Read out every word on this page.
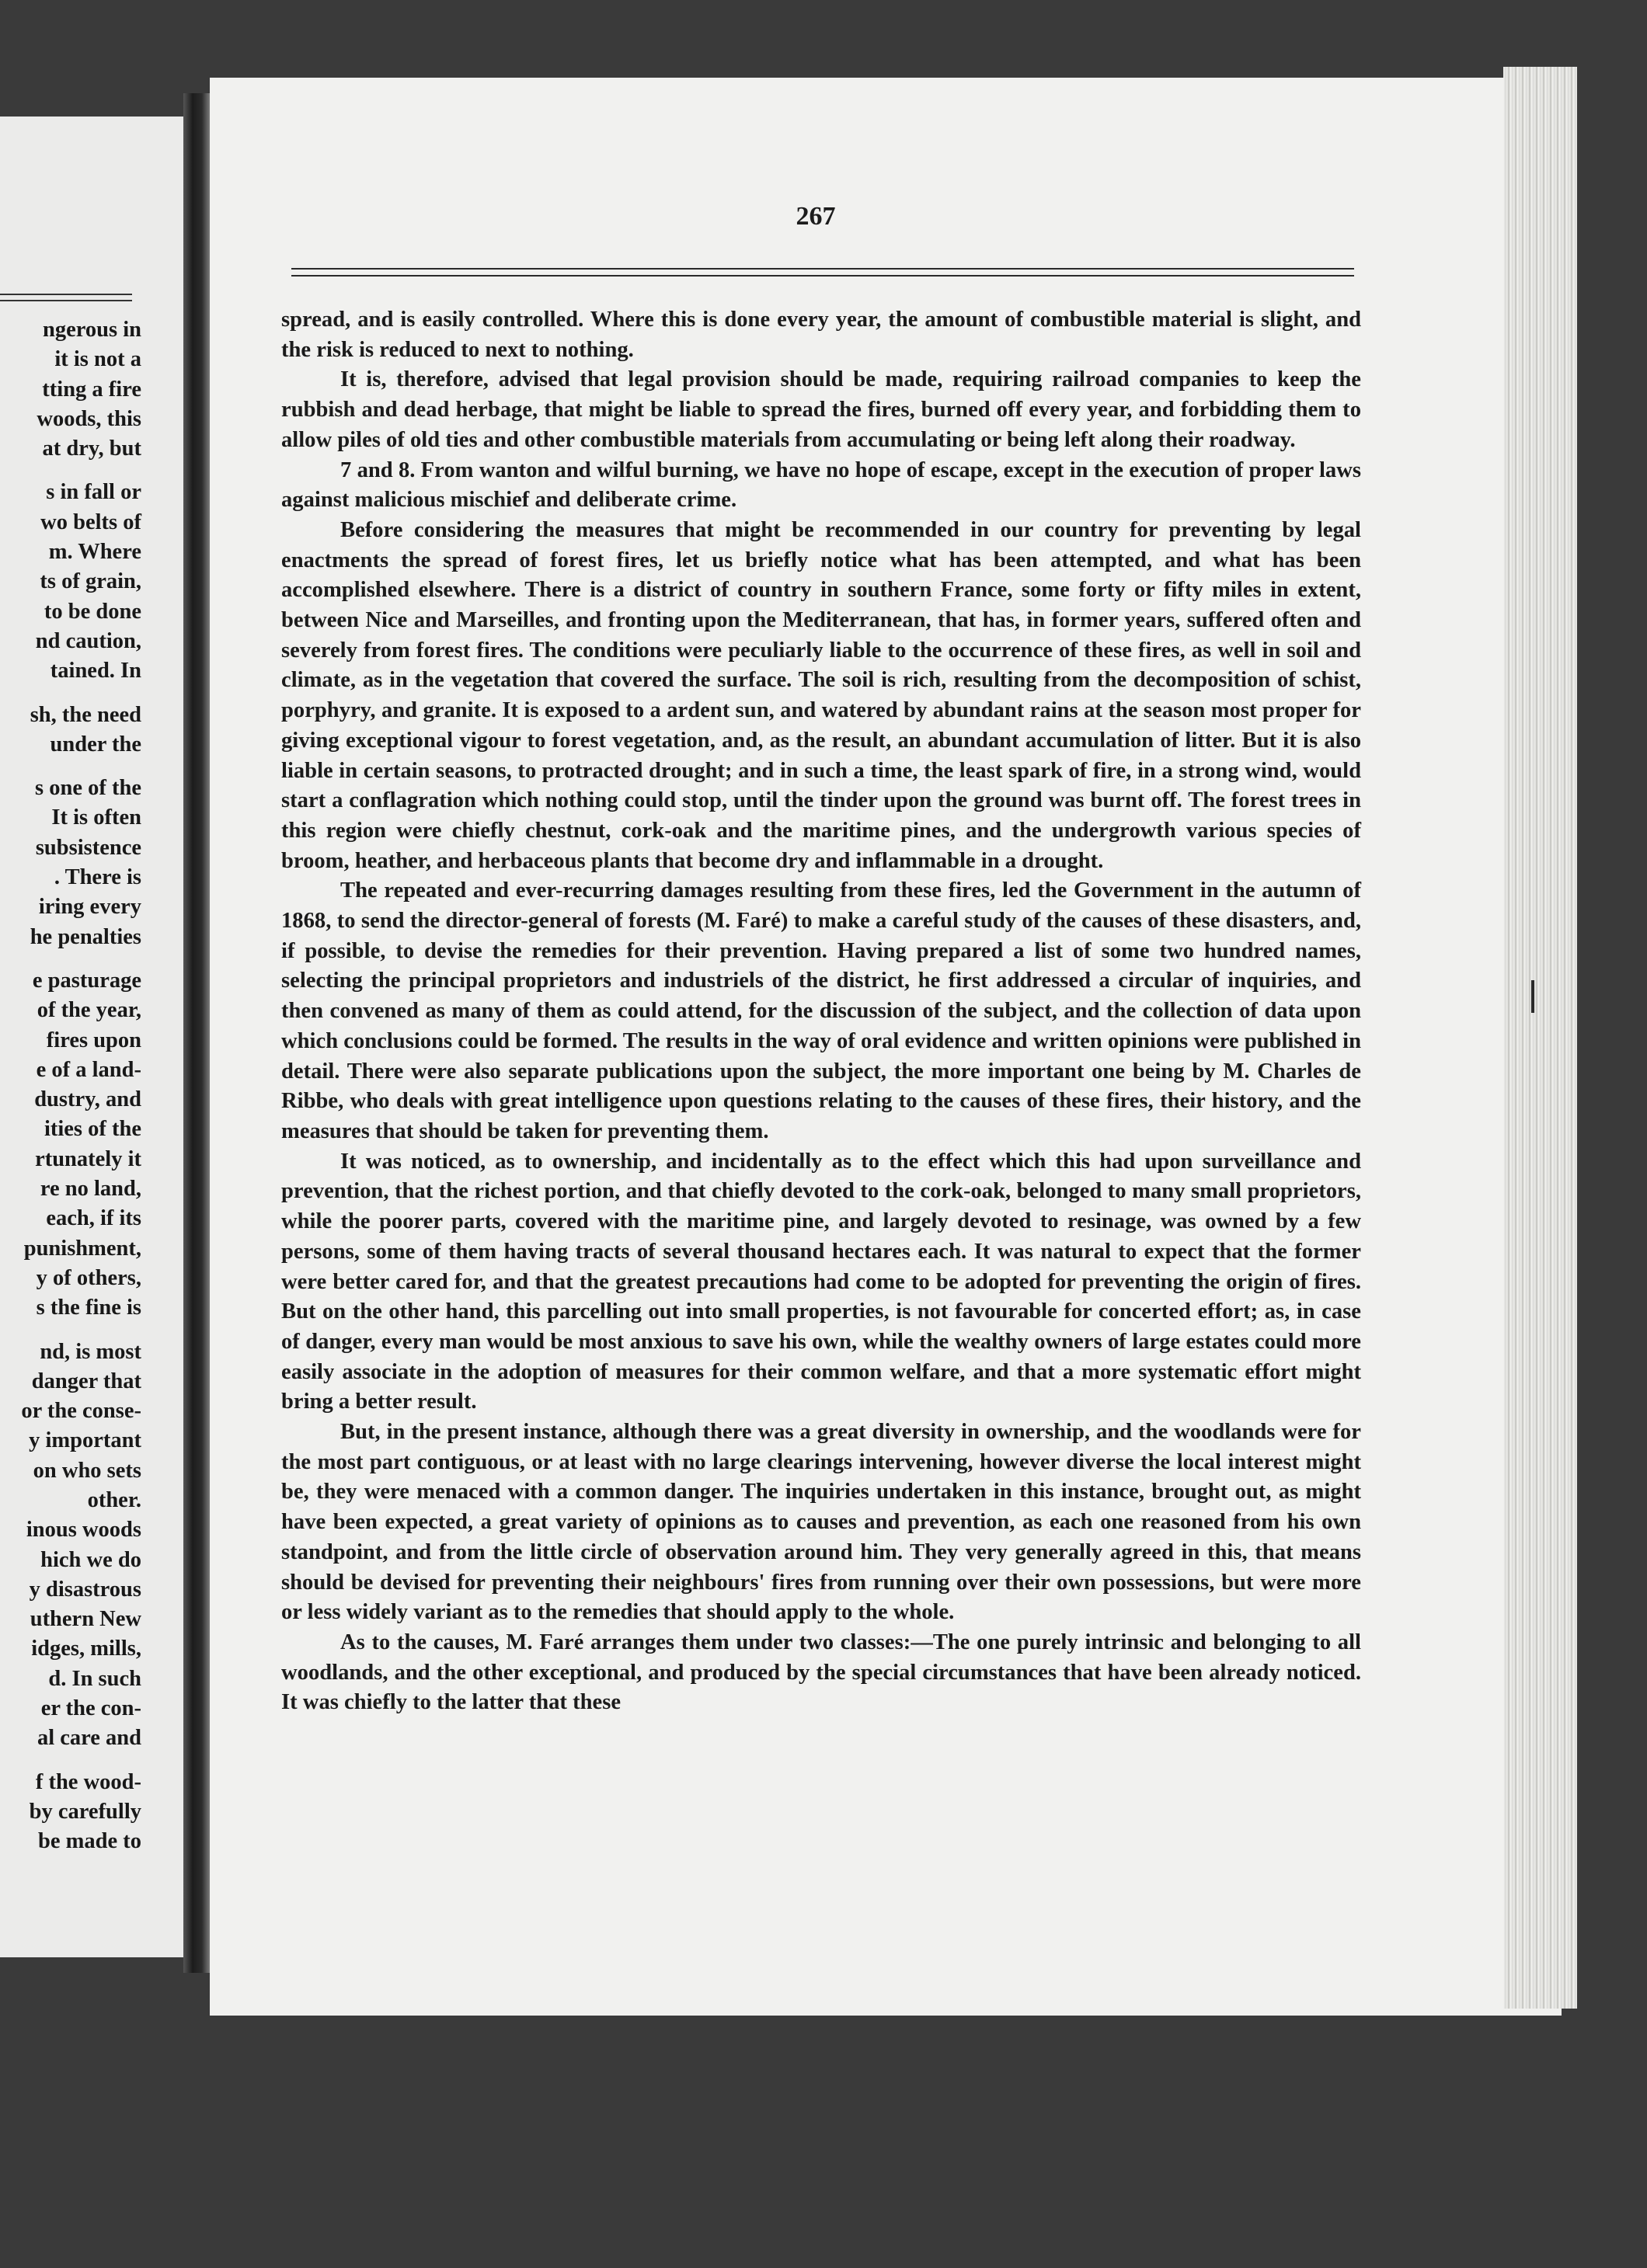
ngerous in
it is not a
tting a fire
woods, this
at dry, but
s in fall or
wo belts of
m. Where
ts of grain,
to be done
nd caution,
tained. In
sh, the need
under the
s one of the
It is often
subsistence
. There is
iring every
he penalties
e pasturage
of the year,
fires upon
e of a land-
dustry, and
ities of the
rtunately it
re no land,
each, if its
punishment,
y of others,
s the fine is
nd, is most
danger that
or the conse-
y important
on who sets
other.
inous woods
hich we do
y disastrous
uthern New
idges, mills,
d. In such
er the con-
al care and
f the wood-
by carefully
be made to
267

spread, and is easily controlled. Where this is done every year, the amount of combustible material is slight, and the risk is reduced to next to nothing.

It is, therefore, advised that legal provision should be made, requiring railroad companies to keep the rubbish and dead herbage, that might be liable to spread the fires, burned off every year, and forbidding them to allow piles of old ties and other combustible materials from accumulating or being left along their roadway.

7 and 8. From wanton and wilful burning, we have no hope of escape, except in the execution of proper laws against malicious mischief and deliberate crime.

Before considering the measures that might be recommended in our country for preventing by legal enactments the spread of forest fires, let us briefly notice what has been attempted, and what has been accomplished elsewhere. There is a district of country in southern France, some forty or fifty miles in extent, between Nice and Marseilles, and fronting upon the Mediterranean, that has, in former years, suffered often and severely from forest fires. The conditions were peculiarly liable to the occurrence of these fires, as well in soil and climate, as in the vegetation that covered the surface. The soil is rich, resulting from the decomposition of schist, porphyry, and granite. It is exposed to a ardent sun, and watered by abundant rains at the season most proper for giving exceptional vigour to forest vegetation, and, as the result, an abundant accumulation of litter. But it is also liable in certain seasons, to protracted drought; and in such a time, the least spark of fire, in a strong wind, would start a conflagration which nothing could stop, until the tinder upon the ground was burnt off. The forest trees in this region were chiefly chestnut, cork-oak and the maritime pines, and the undergrowth various species of broom, heather, and herbaceous plants that become dry and inflammable in a drought.

The repeated and ever-recurring damages resulting from these fires, led the Government in the autumn of 1868, to send the director-general of forests (M. Faré) to make a careful study of the causes of these disasters, and, if possible, to devise the remedies for their prevention. Having prepared a list of some two hundred names, selecting the principal proprietors and industriels of the district, he first addressed a circular of inquiries, and then convened as many of them as could attend, for the discussion of the subject, and the collection of data upon which conclusions could be formed. The results in the way of oral evidence and written opinions were published in detail. There were also separate publications upon the subject, the more important one being by M. Charles de Ribbe, who deals with great intelligence upon questions relating to the causes of these fires, their history, and the measures that should be taken for preventing them.

It was noticed, as to ownership, and incidentally as to the effect which this had upon surveillance and prevention, that the richest portion, and that chiefly devoted to the cork-oak, belonged to many small proprietors, while the poorer parts, covered with the maritime pine, and largely devoted to resinage, was owned by a few persons, some of them having tracts of several thousand hectares each. It was natural to expect that the former were better cared for, and that the greatest precautions had come to be adopted for preventing the origin of fires. But on the other hand, this parcelling out into small properties, is not favourable for concerted effort; as, in case of danger, every man would be most anxious to save his own, while the wealthy owners of large estates could more easily associate in the adoption of measures for their common welfare, and that a more systematic effort might bring a better result.

But, in the present instance, although there was a great diversity in ownership, and the woodlands were for the most part contiguous, or at least with no large clearings intervening, however diverse the local interest might be, they were menaced with a common danger. The inquiries undertaken in this instance, brought out, as might have been expected, a great variety of opinions as to causes and prevention, as each one reasoned from his own standpoint, and from the little circle of observation around him. They very generally agreed in this, that means should be devised for preventing their neighbours' fires from running over their own possessions, but were more or less widely variant as to the remedies that should apply to the whole.

As to the causes, M. Faré arranges them under two classes:—The one purely intrinsic and belonging to all woodlands, and the other exceptional, and produced by the special circumstances that have been already noticed. It was chiefly to the latter that these
